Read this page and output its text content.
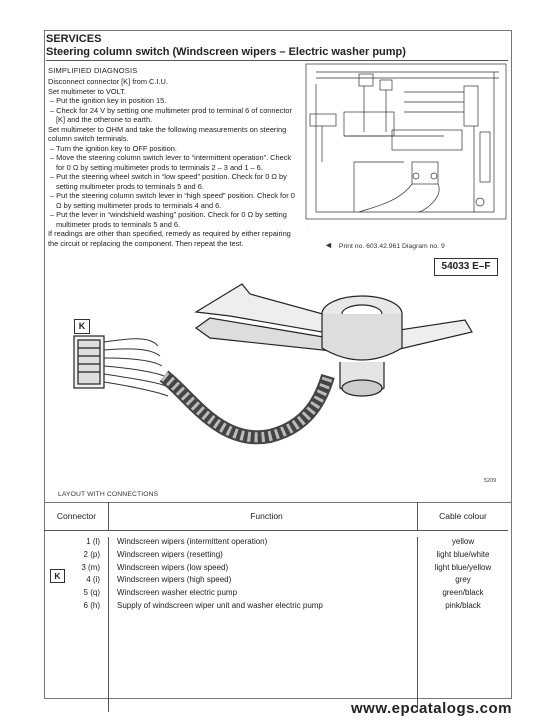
SERVICES
Steering column switch (Windscreen wipers – Electric washer pump)
SIMPLIFIED DIAGNOSIS
Disconnect connector [K] from C.I.U.
Set multimeter to VOLT.
– Put the ignition key in position 15.
– Check for 24 V by setting one multimeter prod to terminal 6 of connector [K] and the otherone to earth.
Set multimeter to OHM and take the following measurements on steering column switch terminals.
– Turn the ignition key to OFF position.
– Move the steering column switch lever to “intermittent operation”. Check for 0 Ω by setting multimeter prods to terminals 2 – 3 and 1 – 6.
– Put the steering wheel switch in “low speed” position. Check for 0 Ω by setting multimeter prods to terminals 5 and 6.
– Put the steering column switch lever in “high speed” position. Check for 0 Ω by setting multimeter prods to terminals 4 and 6.
– Put the lever in “windshield washing” position. Check for 0 Ω by setting multimeter prods to terminals 5 and 6.
If readings are other than specified, remedy as required by either repairing the circuit or replacing the component. Then repeat the test.
.
◄ Print no. 603.42.961 Diagram no. 9
54033 E–F
K
5209
LAYOUT WITH CONNECTIONS
Connector	Function	Cable colour

1 (l)	Windscreen wipers (intermittent operation)	yellow
2 (p)	Windscreen wipers (resetting)	light blue/white
3 (m)	Windscreen wipers (low speed)	light blue/yellow
4 (i)	Windscreen wipers (high speed)	grey
5 (q)	Windscreen washer electric pump	green/black
6 (h)	Supply of windscreen wiper unit and washer electric pump	pink/black

K
www.epcatalogs.com
